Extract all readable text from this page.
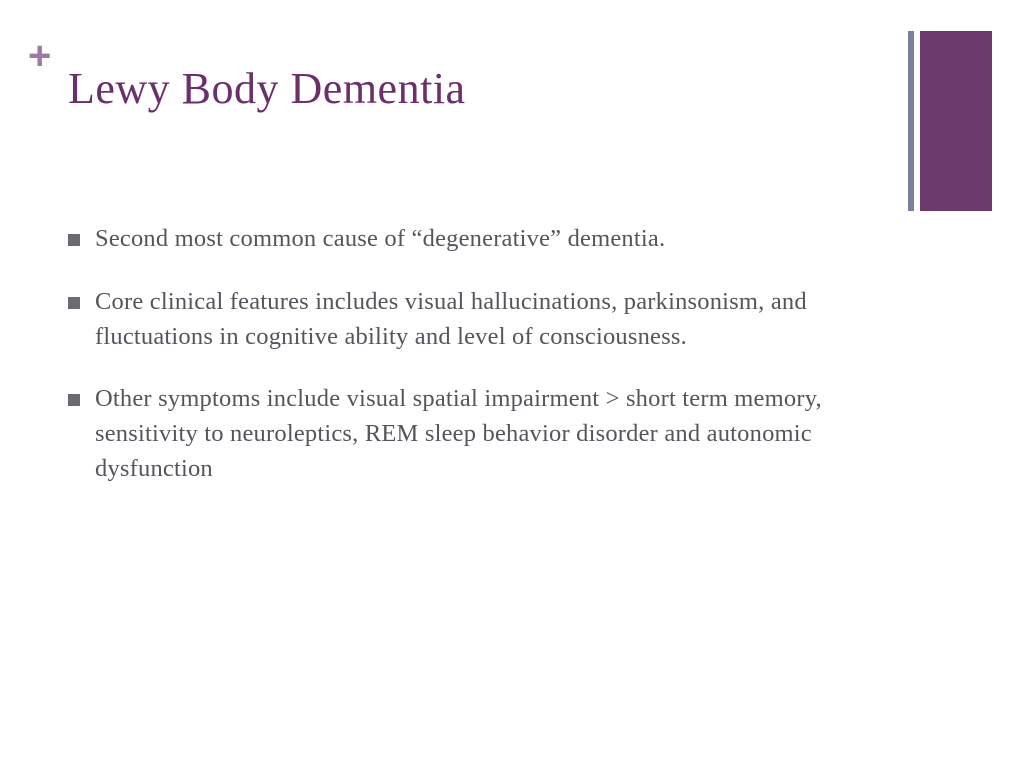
+
Lewy Body Dementia
Second most common cause of “degenerative” dementia.
Core clinical features includes visual hallucinations, parkinsonism, and fluctuations in cognitive ability and level of consciousness.
Other symptoms include visual spatial impairment > short term memory, sensitivity to neuroleptics, REM sleep behavior disorder and autonomic dysfunction
